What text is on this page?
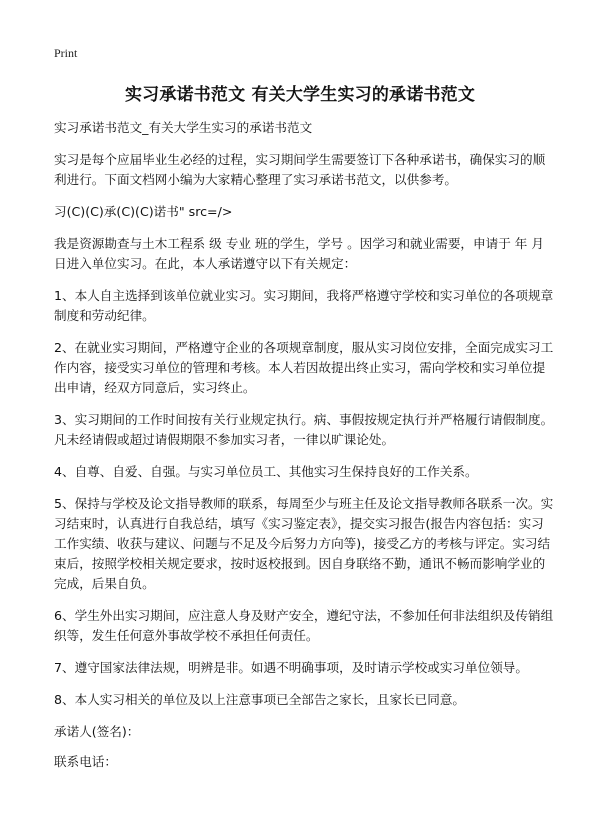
Print
实习承诺书范文 有关大学生实习的承诺书范文

实习承诺书范文_有关大学生实习的承诺书范文

实习是每个应届毕业生必经的过程，实习期间学生需要签订下各种承诺书，确保实习的顺利进行。下面文档网小编为大家精心整理了实习承诺书范文，以供参考。

习(C)(C)承(C)(C)诺书" src=/>

我是资源勘查与土木工程系 级 专业 班的学生，学号 。因学习和就业需要，申请于 年 月 日进入单位实习。在此，本人承诺遵守以下有关规定：

1、本人自主选择到该单位就业实习。实习期间，我将严格遵守学校和实习单位的各项规章制度和劳动纪律。

2、在就业实习期间，严格遵守企业的各项规章制度，服从实习岗位安排，全面完成实习工作内容，接受实习单位的管理和考核。本人若因故提出终止实习，需向学校和实习单位提出申请，经双方同意后，实习终止。

3、实习期间的工作时间按有关行业规定执行。病、事假按规定执行并严格履行请假制度。凡未经请假或超过请假期限不参加实习者，一律以旷课论处。

4、自尊、自爱、自强。与实习单位员工、其他实习生保持良好的工作关系。

5、保持与学校及论文指导教师的联系，每周至少与班主任及论文指导教师各联系一次。实习结束时，认真进行自我总结，填写《实习鉴定表》，提交实习报告(报告内容包括：实习工作实绩、收获与建议、问题与不足及今后努力方向等)，接受乙方的考核与评定。实习结束后，按照学校相关规定要求，按时返校报到。因自身联络不勤，通讯不畅而影响学业的完成，后果自负。

6、学生外出实习期间，应注意人身及财产安全，遵纪守法，不参加任何非法组织及传销组织等，发生任何意外事故学校不承担任何责任。

7、遵守国家法律法规，明辨是非。如遇不明确事项，及时请示学校或实习单位领导。

8、本人实习相关的单位及以上注意事项已全部告之家长，且家长已同意。

承诺人(签名)：

联系电话：
